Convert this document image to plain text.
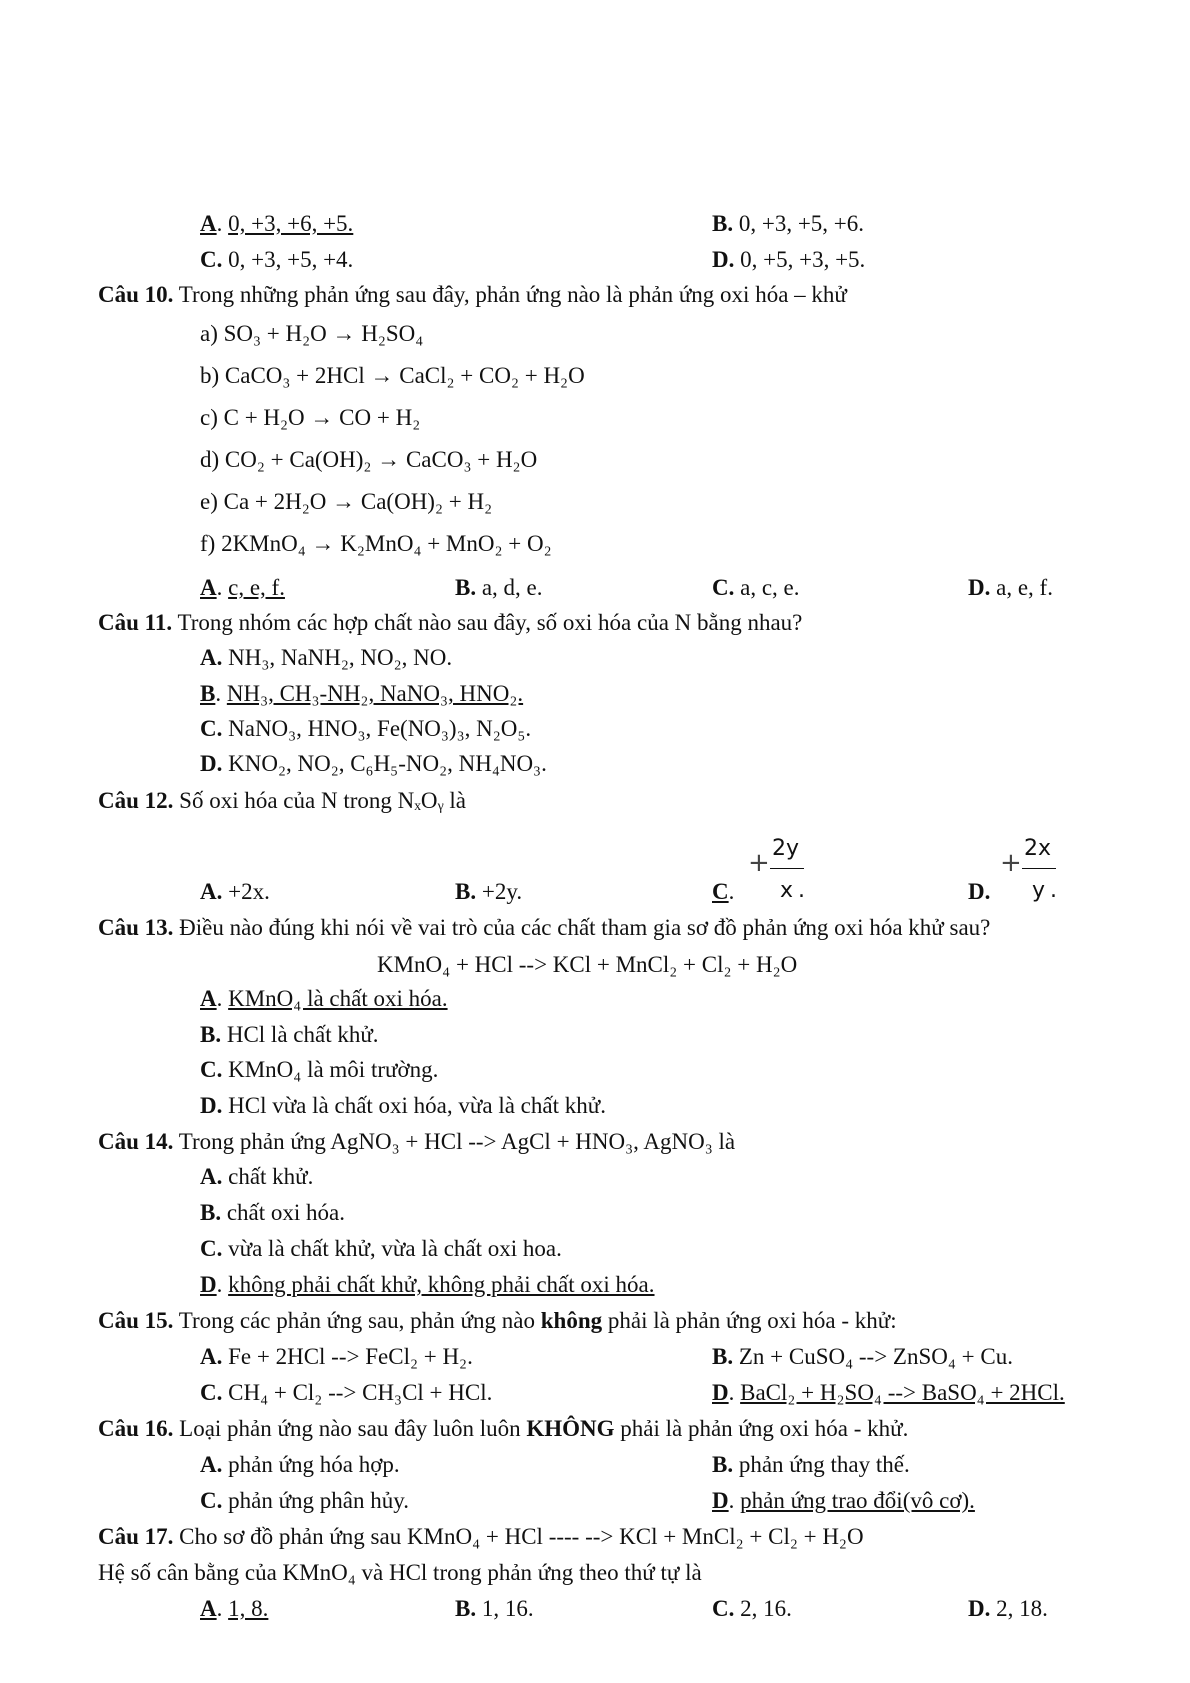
A. 0, +3, +6, +5.	B. 0, +3, +5, +6.
C. 0, +3, +5, +4.	D. 0, +5, +3, +5.
Câu 10. Trong những phản ứng sau đây, phản ứng nào là phản ứng oxi hóa – khử
a) SO₃ + H₂O → H₂SO₄
b) CaCO₃ + 2HCl → CaCl₂ + CO₂ + H₂O
c) C + H₂O → CO + H₂
d) CO₂ + Ca(OH)₂ → CaCO₃ + H₂O
e) Ca + 2H₂O → Ca(OH)₂ + H₂
f) 2KMnO₄ → K₂MnO₄ + MnO₂ + O₂
A. c, e, f.	B. a, d, e.	C. a, c, e.	D. a, e, f.
Câu 11. Trong nhóm các hợp chất nào sau đây, số oxi hóa của N bằng nhau?
A. NH₃, NaNH₂, NO₂, NO.
B. NH₃, CH₃-NH₂, NaNO₃, HNO₂.
C. NaNO₃, HNO₃, Fe(NO₃)₃, N₂O₅.
D. KNO₂, NO₂, C₆H₅-NO₂, NH₄NO₃.
Câu 12. Số oxi hóa của N trong NₓOᵧ là
A. +2x.	B. +2y.	C.
+ 2y
x .	D.
+ 2x
y .
Câu 13. Điều nào đúng khi nói về vai trò của các chất tham gia sơ đồ phản ứng oxi hóa khử sau?
KMnO₄ + HCl --> KCl + MnCl₂ + Cl₂ + H₂O
A. KMnO₄ là chất oxi hóa.
B. HCl là chất khử.
C. KMnO₄ là môi trường.
D. HCl vừa là chất oxi hóa, vừa là chất khử.
Câu 14. Trong phản ứng AgNO₃ + HCl --> AgCl + HNO₃, AgNO₃ là
A. chất khử.
B. chất oxi hóa.
C. vừa là chất khử, vừa là chất oxi hoa.
D. không phải chất khử, không phải chất oxi hóa.
Câu 15. Trong các phản ứng sau, phản ứng nào không phải là phản ứng oxi hóa - khử:
A. Fe + 2HCl --> FeCl₂ + H₂.	B. Zn + CuSO₄ --> ZnSO₄ + Cu.
C. CH₄ + Cl₂ --> CH₃Cl + HCl.	D. BaCl₂ + H₂SO₄ --> BaSO₄ + 2HCl.
Câu 16. Loại phản ứng nào sau đây luôn luôn KHÔNG phải là phản ứng oxi hóa - khử.
A. phản ứng hóa hợp.	B. phản ứng thay thế.
C. phản ứng phân hủy.	D. phản ứng trao đổi(vô cơ).
Câu 17. Cho sơ đồ phản ứng sau KMnO₄ + HCl ---- --> KCl + MnCl₂ + Cl₂ + H₂O
Hệ số cân bằng của KMnO₄ và HCl trong phản ứng theo thứ tự là
A. 1, 8.	B. 1, 16.	C. 2, 16.	D. 2, 18.
